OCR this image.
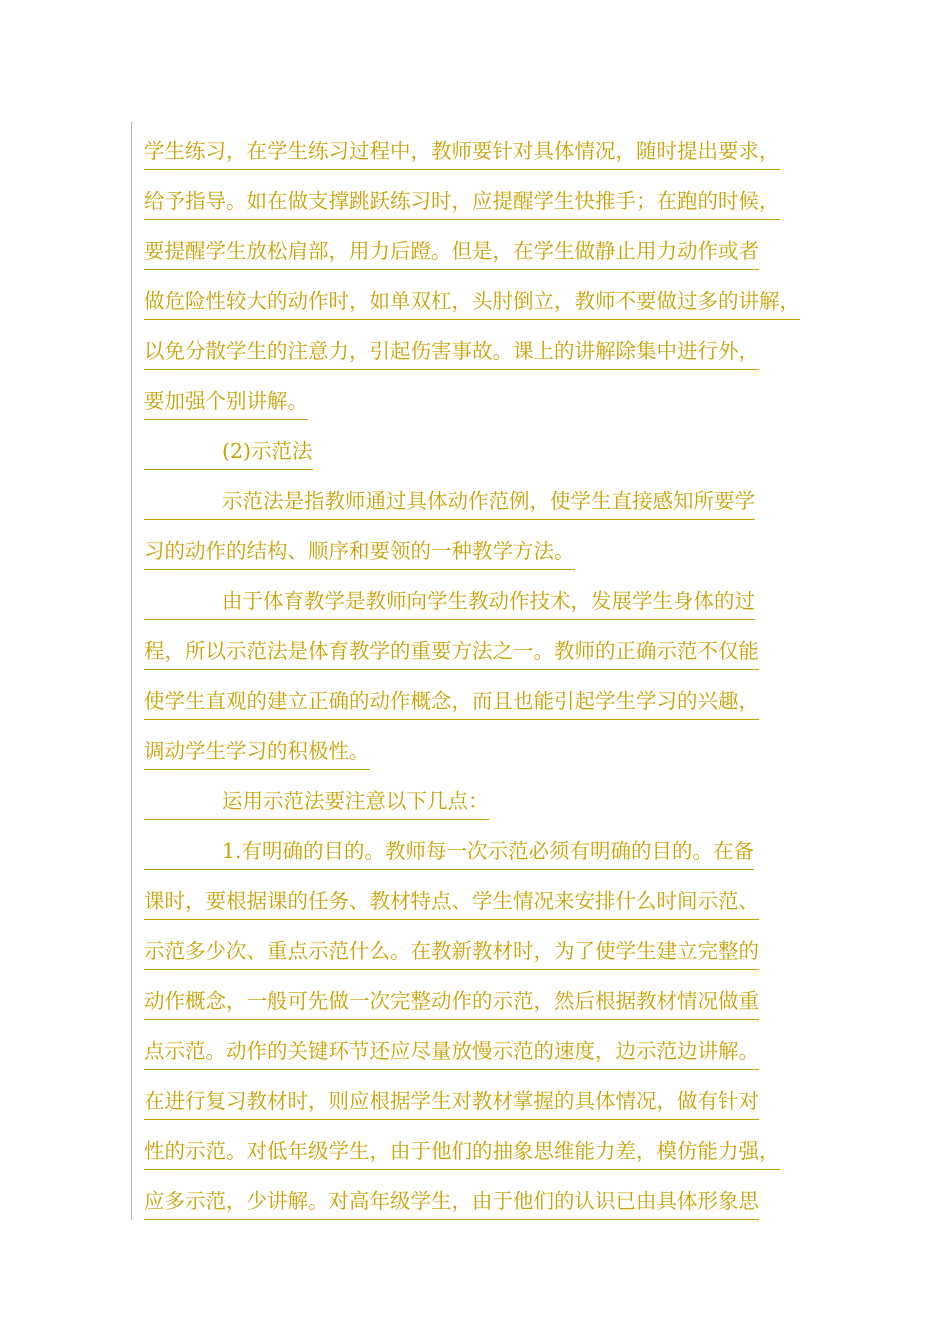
学生练习，在学生练习过程中，教师要针对具体情况，随时提出要求，
给予指导。如在做支撑跳跃练习时，应提醒学生快推手；在跑的时候，
要提醒学生放松肩部，用力后蹬。但是，在学生做静止用力动作或者
做危险性较大的动作时，如单双杠，头肘倒立，教师不要做过多的讲解，
以免分散学生的注意力，引起伤害事故。课上的讲解除集中进行外，
要加强个别讲解。
(2)示范法
示范法是指教师通过具体动作范例，使学生直接感知所要学
习的动作的结构、顺序和要领的一种教学方法。
由于体育教学是教师向学生教动作技术，发展学生身体的过
程，所以示范法是体育教学的重要方法之一。教师的正确示范不仅能
使学生直观的建立正确的动作概念，而且也能引起学生学习的兴趣，
调动学生学习的积极性。
运用示范法要注意以下几点：
1.有明确的目的。教师每一次示范必须有明确的目的。在备
课时，要根据课的任务、教材特点、学生情况来安排什么时间示范、
示范多少次、重点示范什么。在教新教材时，为了使学生建立完整的
动作概念，一般可先做一次完整动作的示范，然后根据教材情况做重
点示范。动作的关键环节还应尽量放慢示范的速度，边示范边讲解。
在进行复习教材时，则应根据学生对教材掌握的具体情况，做有针对
性的示范。对低年级学生，由于他们的抽象思维能力差，模仿能力强，
应多示范，少讲解。对高年级学生，由于他们的认识已由具体形象思
